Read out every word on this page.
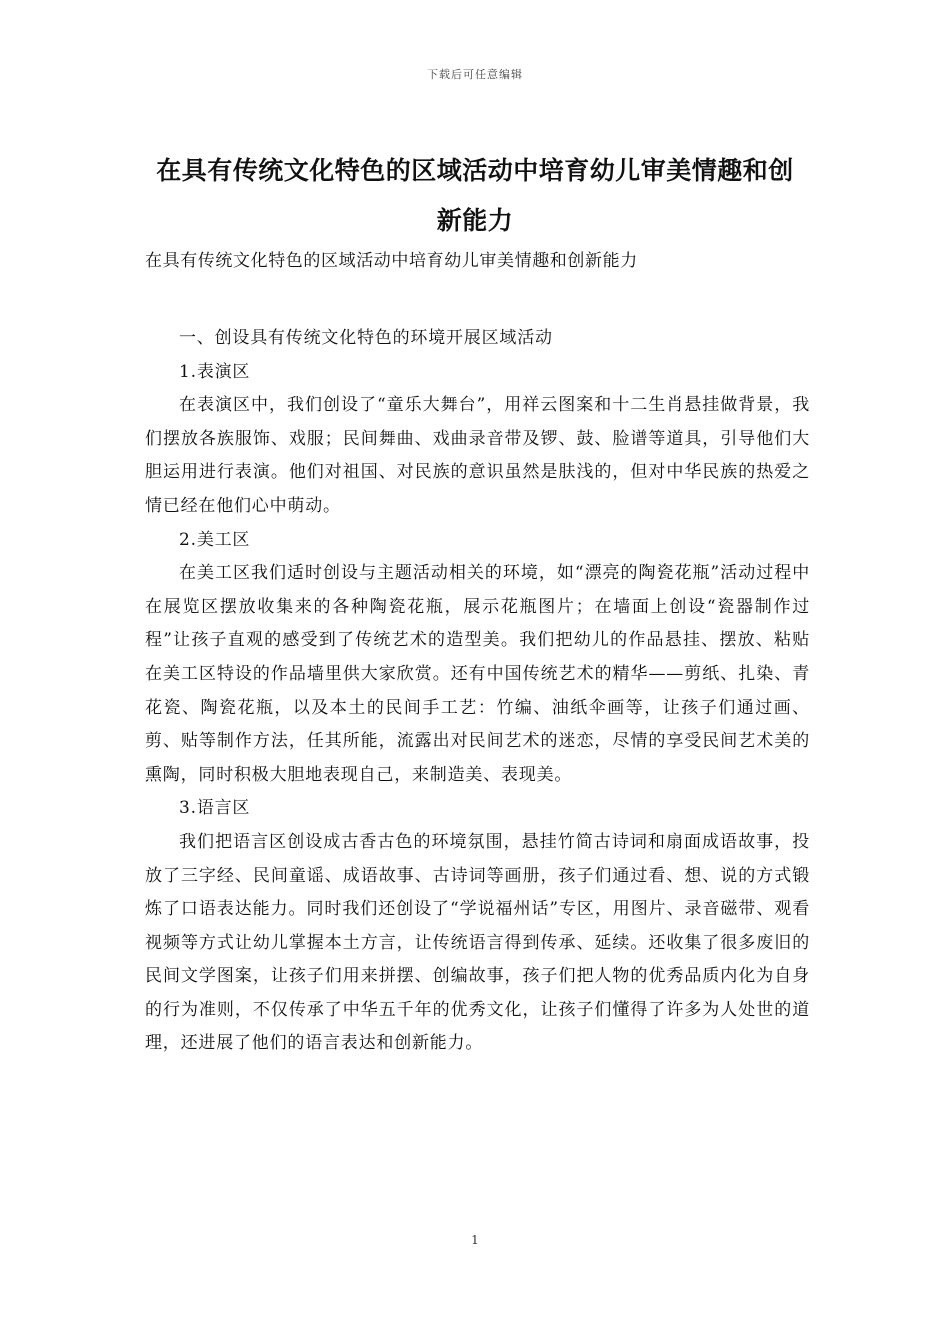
下载后可任意编辑
在具有传统文化特色的区域活动中培育幼儿审美情趣和创新能力
在具有传统文化特色的区域活动中培育幼儿审美情趣和创新能力

一、创设具有传统文化特色的环境开展区域活动

1.表演区

在表演区中，我们创设了“童乐大舞台”，用祥云图案和十二生肖悬挂做背景，我们摆放各族服饰、戏服；民间舞曲、戏曲录音带及锣、鼓、脸谱等道具，引导他们大胆运用进行表演。他们对祖国、对民族的意识虽然是肤浅的，但对中华民族的热爱之情已经在他们心中萌动。

2.美工区

在美工区我们适时创设与主题活动相关的环境，如“漂亮的陶瓷花瓶”活动过程中在展览区摆放收集来的各种陶瓷花瓶，展示花瓶图片；在墙面上创设“瓷器制作过程”让孩子直观的感受到了传统艺术的造型美。我们把幼儿的作品悬挂、摆放、粘贴在美工区特设的作品墙里供大家欣赏。还有中国传统艺术的精华——剪纸、扎染、青花瓷、陶瓷花瓶，以及本土的民间手工艺：竹编、油纸伞画等，让孩子们通过画、剪、贴等制作方法，任其所能，流露出对民间艺术的迷恋，尽情的享受民间艺术美的熏陶，同时积极大胆地表现自己，来制造美、表现美。

3.语言区

我们把语言区创设成古香古色的环境氛围，悬挂竹简古诗词和扇面成语故事，投放了三字经、民间童谣、成语故事、古诗词等画册，孩子们通过看、想、说的方式锻炼了口语表达能力。同时我们还创设了“学说福州话”专区，用图片、录音磁带、观看视频等方式让幼儿掌握本土方言，让传统语言得到传承、延续。还收集了很多废旧的民间文学图案，让孩子们用来拼摆、创编故事，孩子们把人物的优秀品质内化为自身的行为准则，不仅传承了中华五千年的优秀文化，让孩子们懂得了许多为人处世的道理，还进展了他们的语言表达和创新能力。

1
